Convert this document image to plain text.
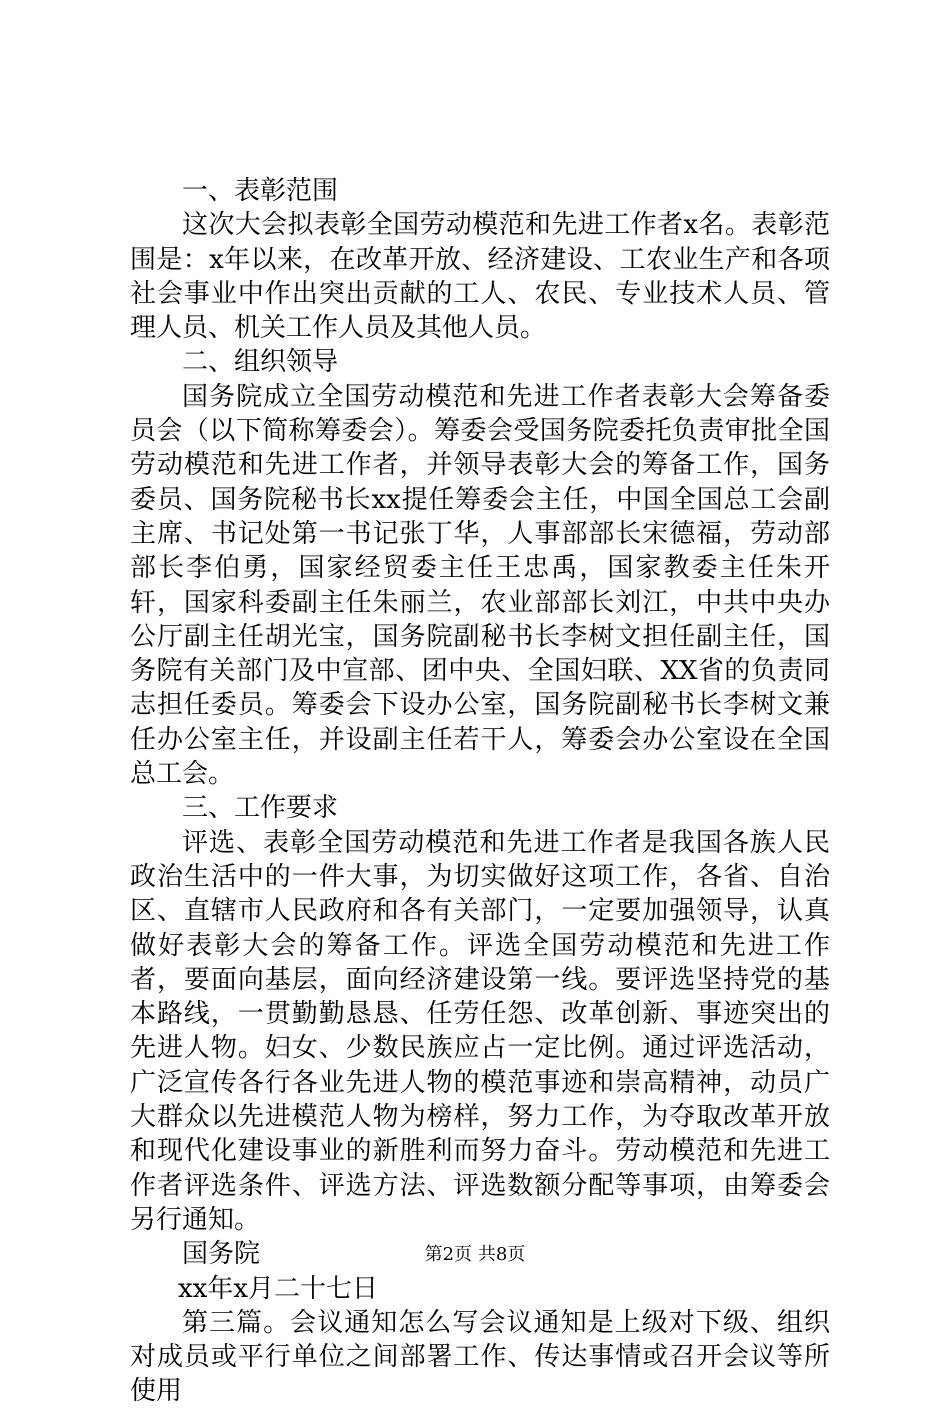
一、表彰范围

这次大会拟表彰全国劳动模范和先进工作者x名。表彰范围是：x年以来，在改革开放、经济建设、工农业生产和各项社会事业中作出突出贡献的工人、农民、专业技术人员、管理人员、机关工作人员及其他人员。

二、组织领导

国务院成立全国劳动模范和先进工作者表彰大会筹备委员会（以下简称筹委会）。筹委会受国务院委托负责审批全国劳动模范和先进工作者，并领导表彰大会的筹备工作，国务委员、国务院秘书长xx提任筹委会主任，中国全国总工会副主席、书记处第一书记张丁华，人事部部长宋德福，劳动部部长李伯勇，国家经贸委主任王忠禹，国家教委主任朱开轩，国家科委副主任朱丽兰，农业部部长刘江，中共中央办公厅副主任胡光宝，国务院副秘书长李树文担任副主任，国务院有关部门及中宣部、团中央、全国妇联、XX省的负责同志担任委员。筹委会下设办公室，国务院副秘书长李树文兼任办公室主任，并设副主任若干人，筹委会办公室设在全国总工会。

三、工作要求

评选、表彰全国劳动模范和先进工作者是我国各族人民政治生活中的一件大事，为切实做好这项工作，各省、自治区、直辖市人民政府和各有关部门，一定要加强领导，认真做好表彰大会的筹备工作。评选全国劳动模范和先进工作者，要面向基层，面向经济建设第一线。要评选坚持党的基本路线，一贯勤勤恳恳、任劳任怨、改革创新、事迹突出的先进人物。妇女、少数民族应占一定比例。通过评选活动，广泛宣传各行各业先进人物的模范事迹和崇高精神，动员广大群众以先进模范人物为榜样，努力工作，为夺取改革开放和现代化建设事业的新胜利而努力奋斗。劳动模范和先进工作者评选条件、评选方法、评选数额分配等事项，由筹委会另行通知。

国务院

xx年x月二十七日

第三篇。会议通知怎么写会议通知是上级对下级、组织对成员或平行单位之间部署工作、传达事情或召开会议等所使用

第2页 共8页
